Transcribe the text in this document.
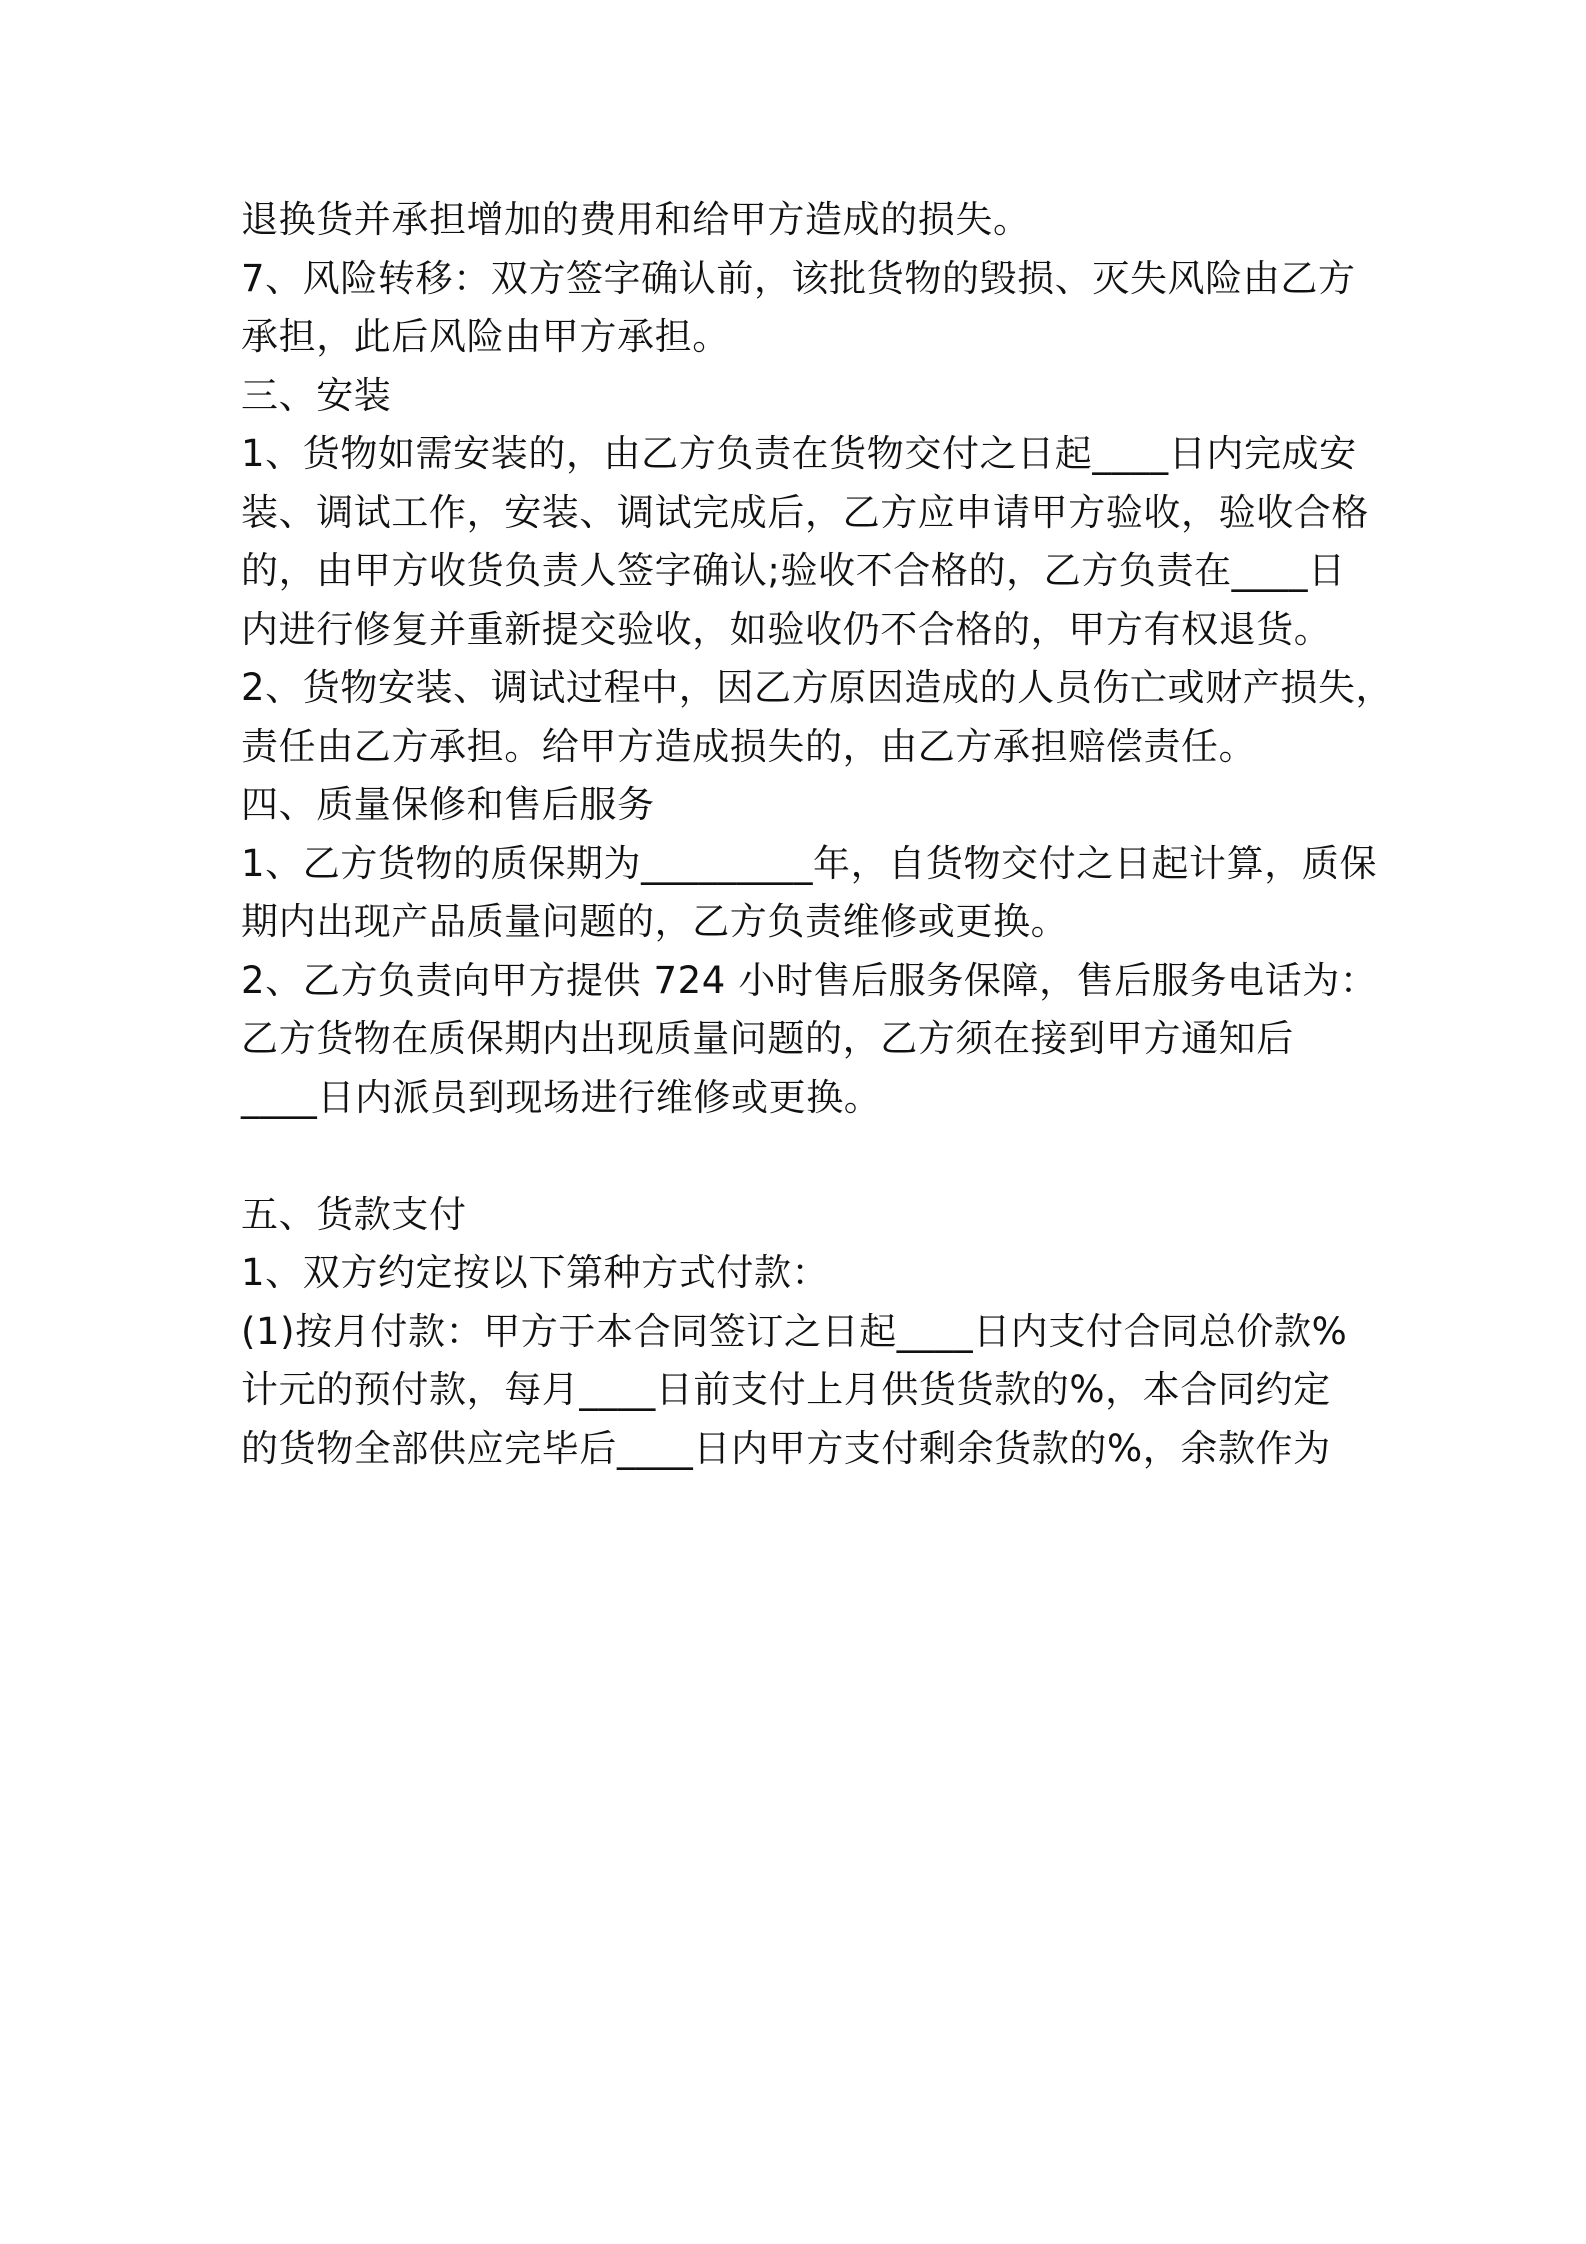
退换货并承担增加的费用和给甲方造成的损失。
7、风险转移：双方签字确认前，该批货物的毁损、灭失风险由乙方
承担，此后风险由甲方承担。
三、安装
1、货物如需安装的，由乙方负责在货物交付之日起____日内完成安
装、调试工作，安装、调试完成后，乙方应申请甲方验收，验收合格
的，由甲方收货负责人签字确认;验收不合格的，乙方负责在____日
内进行修复并重新提交验收，如验收仍不合格的，甲方有权退货。
2、货物安装、调试过程中，因乙方原因造成的人员伤亡或财产损失，
责任由乙方承担。给甲方造成损失的，由乙方承担赔偿责任。
四、质量保修和售后服务
1、乙方货物的质保期为_________年，自货物交付之日起计算，质保
期内出现产品质量问题的，乙方负责维修或更换。
2、乙方负责向甲方提供 724 小时售后服务保障，售后服务电话为：
乙方货物在质保期内出现质量问题的，乙方须在接到甲方通知后
____日内派员到现场进行维修或更换。
五、货款支付
1、双方约定按以下第种方式付款：
(1)按月付款：甲方于本合同签订之日起____日内支付合同总价款%
计元的预付款，每月____日前支付上月供货货款的%，本合同约定
的货物全部供应完毕后____日内甲方支付剩余货款的%，余款作为
